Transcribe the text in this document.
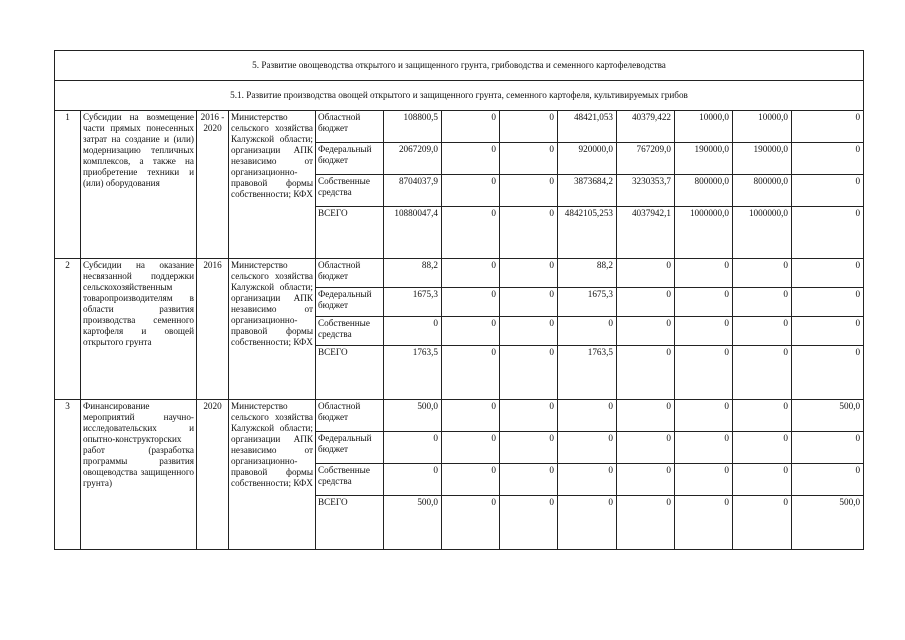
5. Развитие овощеводства открытого и защищенного грунта, грибоводства и семенного картофелеводства												
5.1. Развитие производства овощей открытого и защищенного грунта, семенного картофеля, культивируемых грибов												
1	Субсидии на возмещение части прямых понесенных затрат на создание и (или) модернизацию тепличных комплексов, а также на приобретение техники и (или) оборудования	2016 - 2020	Министерство сельского хозяйства Калужской области; организации АПК независимо от организационно-правовой формы собственности; КФХ	Областной бюджет	108800,5	0	0	48421,053	40379,422	10000,0	10000,0	0
				Федеральный бюджет	2067209,0	0	0	920000,0	767209,0	190000,0	190000,0	0
				Собственные средства	8704037,9	0	0	3873684,2	3230353,7	800000,0	800000,0	0
				ВСЕГО	10880047,4	0	0	4842105,253	4037942,1	1000000,0	1000000,0	0
2	Субсидии на оказание несвязанной поддержки сельскохозяйственным товаропроизводителям в области развития производства семенного картофеля и овощей открытого грунта	2016	Министерство сельского хозяйства Калужской области; организации АПК независимо от организационно-правовой формы собственности; КФХ	Областной бюджет	88,2	0	0	88,2	0	0	0	0
				Федеральный бюджет	1675,3	0	0	1675,3	0	0	0	0
				Собственные средства	0	0	0	0	0	0	0	0
				ВСЕГО	1763,5	0	0	1763,5	0	0	0	0
3	Финансирование мероприятий научно-исследовательских и опытно-конструкторских работ (разработка программы развития овощеводства защищенного грунта)	2020	Министерство сельского хозяйства Калужской области; организации АПК независимо от организационно-правовой формы собственности; КФХ	Областной бюджет	500,0	0	0	0	0	0	0	500,0
				Федеральный бюджет	0	0	0	0	0	0	0	0
				Собственные средства	0	0	0	0	0	0	0	0
				ВСЕГО	500,0	0	0	0	0	0	0	500,0
